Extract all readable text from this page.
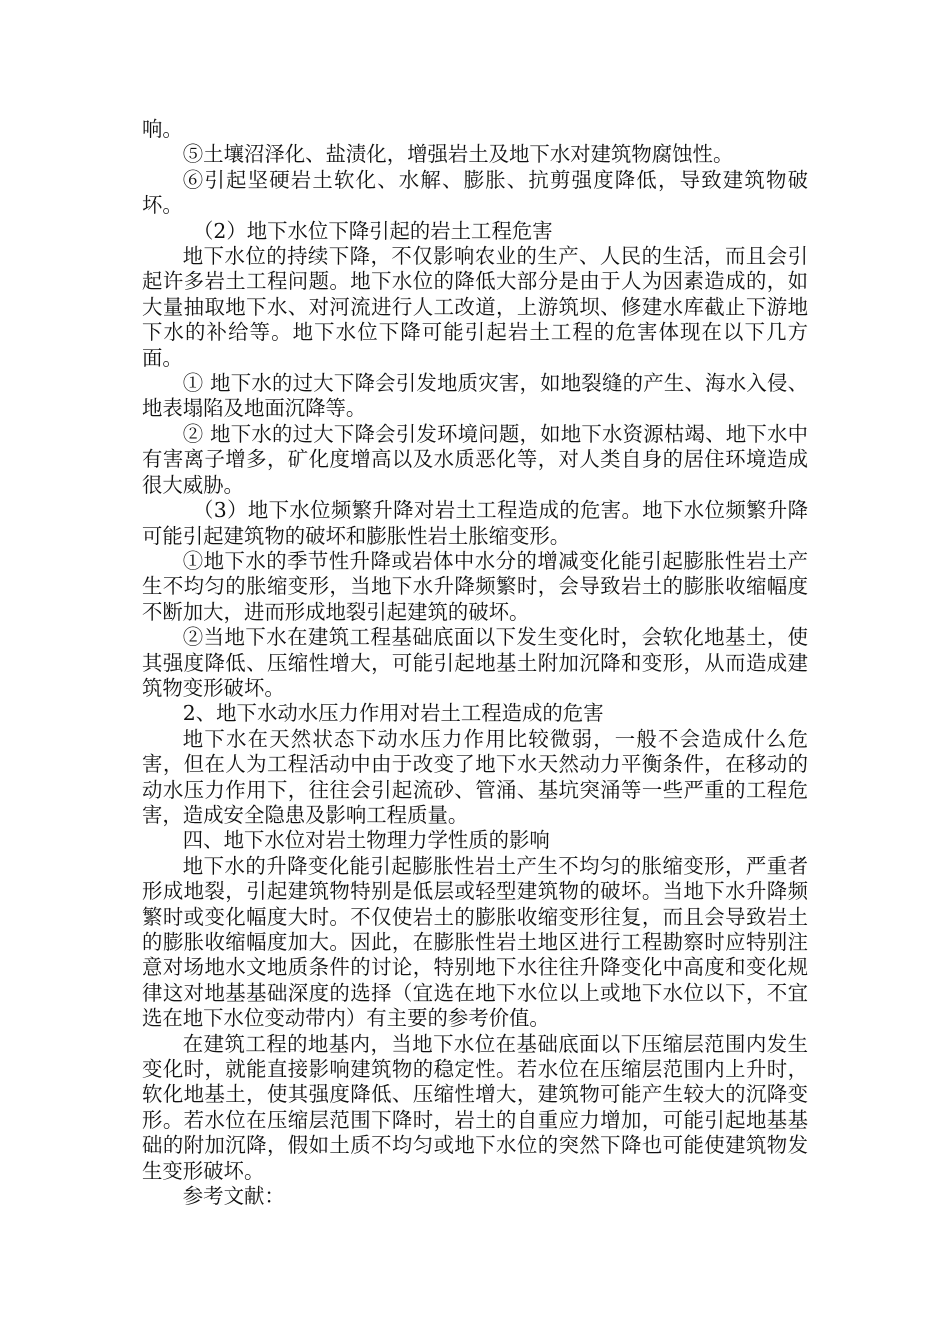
响。

⑤土壤沼泽化、盐渍化，增强岩土及地下水对建筑物腐蚀性。

⑥引起坚硬岩土软化、水解、膨胀、抗剪强度降低，导致建筑物破坏。

（2）地下水位下降引起的岩土工程危害

地下水位的持续下降，不仅影响农业的生产、人民的生活，而且会引起许多岩土工程问题。地下水位的降低大部分是由于人为因素造成的，如大量抽取地下水、对河流进行人工改道，上游筑坝、修建水库截止下游地下水的补给等。地下水位下降可能引起岩土工程的危害体现在以下几方面。

① 地下水的过大下降会引发地质灾害，如地裂缝的产生、海水入侵、地表塌陷及地面沉降等。

② 地下水的过大下降会引发环境问题，如地下水资源枯竭、地下水中有害离子增多，矿化度增高以及水质恶化等，对人类自身的居住环境造成很大威胁。

（3）地下水位频繁升降对岩土工程造成的危害。地下水位频繁升降可能引起建筑物的破坏和膨胀性岩土胀缩变形。

①地下水的季节性升降或岩体中水分的增减变化能引起膨胀性岩土产生不均匀的胀缩变形，当地下水升降频繁时，会导致岩土的膨胀收缩幅度不断加大，进而形成地裂引起建筑的破坏。

②当地下水在建筑工程基础底面以下发生变化时，会软化地基土，使其强度降低、压缩性增大，可能引起地基土附加沉降和变形，从而造成建筑物变形破坏。

2、地下水动水压力作用对岩土工程造成的危害

地下水在天然状态下动水压力作用比较微弱，一般不会造成什么危害，但在人为工程活动中由于改变了地下水天然动力平衡条件，在移动的动水压力作用下，往往会引起流砂、管涌、基坑突涌等一些严重的工程危害，造成安全隐患及影响工程质量。

四、地下水位对岩土物理力学性质的影响

地下水的升降变化能引起膨胀性岩土产生不均匀的胀缩变形，严重者形成地裂，引起建筑物特别是低层或轻型建筑物的破坏。当地下水升降频繁时或变化幅度大时。不仅使岩土的膨胀收缩变形往复，而且会导致岩土的膨胀收缩幅度加大。因此，在膨胀性岩土地区进行工程勘察时应特别注意对场地水文地质条件的讨论，特别地下水往往升降变化中高度和变化规律这对地基基础深度的选择（宜选在地下水位以上或地下水位以下，不宜选在地下水位变动带内）有主要的参考价值。

在建筑工程的地基内，当地下水位在基础底面以下压缩层范围内发生变化时，就能直接影响建筑物的稳定性。若水位在压缩层范围内上升时，软化地基土，使其强度降低、压缩性增大，建筑物可能产生较大的沉降变形。若水位在压缩层范围下降时，岩土的自重应力增加，可能引起地基基础的附加沉降，假如土质不均匀或地下水位的突然下降也可能使建筑物发生变形破坏。

参考文献：
